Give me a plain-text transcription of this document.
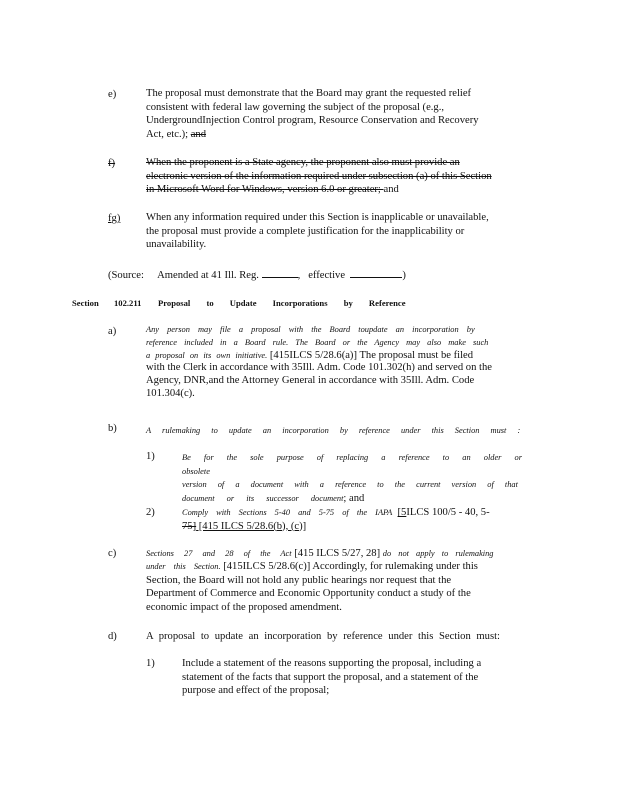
e)	The proposal must demonstrate that the Board may grant the requested relief
consistent with federal law governing the subject of the proposal (e.g.,
UndergroundInjection Control program, Resource Conservation and Recovery
Act, etc.); and
f)	When the proponent is a State agency, the proponent also must provide an
electronic version of the information required under subsection (a) of this Section
in Microsoft Word for Windows, version 6.0 or greater; and
fg) When any information required under this Section is inapplicable or unavailable,
the proposal must provide a complete justification for the inapplicability or
unavailability.
(Source: Amended at 41 Ill. Reg.	,   effective	)
Section 102.211 Proposal to Update Incorporations by Reference
a)	Any person may file a proposal with the Board toupdate an incorporation by
reference included in a Board rule. The Board or the Agency may also make such
a proposal on its own initiative. [415ILCS 5/28.6(a)] The proposal must be filed
with the Clerk in accordance with 35Ill. Adm. Code 101.302(h) and served on the
Agency, DNR,and the Attorney General in accordance with 35Ill. Adm. Code
101.304(c).
b)	A rulemaking to update an incorporation by reference under this Section must :
1)	Be for the sole purpose of replacing a reference to an older or obsolete
version of a document with a reference to the current version of that
document or its successor document; and
2)	Comply with Sections 5-40 and 5-75 of the IAPA [5ILCS 100/5 - 40, 5-
75] [415 ILCS 5/28.6(b), (c)]
c)	Sections 27 and 28 of the Act [415 ILCS 5/27, 28] do not apply to rulemaking
under this Section. [415ILCS 5/28.6(c)] Accordingly, for rulemaking under this
Section, the Board will not hold any public hearings nor request that the
Department of Commerce and Economic Opportunity conduct a study of the
economic impact of the proposed amendment.
d)	A proposal to update an incorporation by reference under this Section must:
1)	Include a statement of the reasons supporting the proposal, including a
statement of the facts that support the proposal, and a statement of the
purpose and effect of the proposal;
